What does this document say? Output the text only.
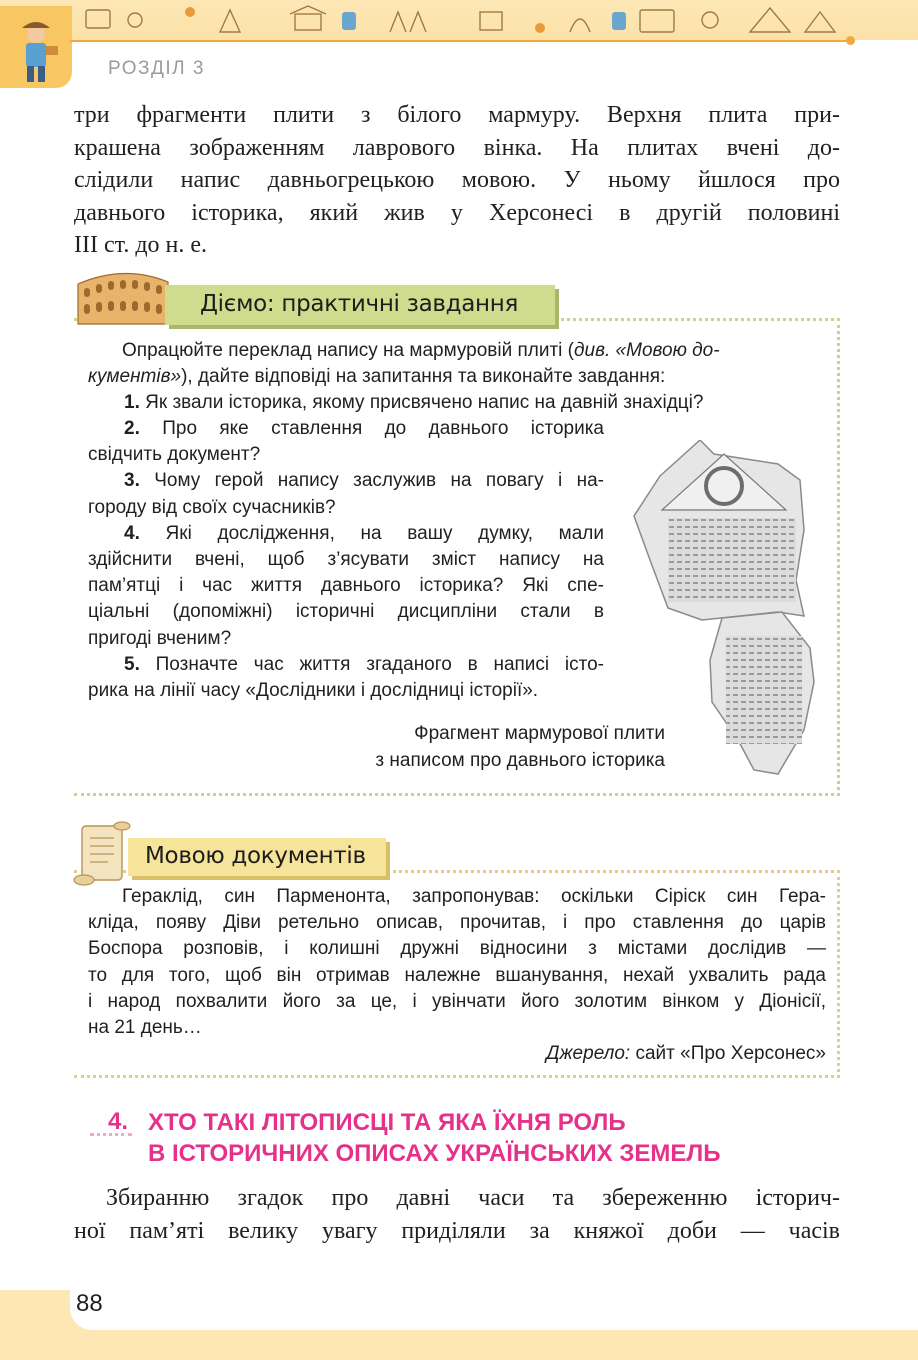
РОЗДІЛ 3
три фрагменти плити з білого мармуру. Верхня плита при-
крашена зображенням лаврового вінка. На плитах вчені до-
слідили напис давньогрецькою мовою. У ньому йшлося про
давнього історика, який жив у Херсонесі в другій половині
III ст. до н. е.
Діємо: практичні завдання
Опрацюйте переклад напису на мармуровій плиті (див. «Мовою до-
кументів»), дайте відповіді на запитання та виконайте завдання:
1. Як звали історика, якому присвячено напис на давній знахідці?
2. Про яке ставлення до давнього історика
свідчить документ?
3. Чому герой напису заслужив на повагу і на-
городу від своїх сучасників?
4. Які дослідження, на вашу думку, мали
здійснити вчені, щоб з’ясувати зміст напису на
пам’ятці і час життя давнього історика? Які спе-
ціальні (допоміжні) історичні дисципліни стали в
пригоді вченим?
5. Позначте час життя згаданого в написі істо-
рика на лінії часу «Дослідники і дослідниці історії».
Фрагмент мармурової плити
з написом про давнього історика
Мовою документів
Гераклід, син Парменонта, запропонував: оскільки Сіріск син Гера-
кліда, появу Діви ретельно описав, прочитав, і про ставлення до царів
Боспора розповів, і колишні дружні відносини з містами дослідив —
то для того, щоб він отримав належне вшанування, нехай ухвалить рада
і народ похвалити його за це, і увінчати його золотим вінком у Діонісії,
на 21 день…
Джерело: сайт «Про Херсонес»
4. ХТО ТАКІ ЛІТОПИСЦІ ТА ЯКА ЇХНЯ РОЛЬ
В ІСТОРИЧНИХ ОПИСАХ УКРАЇНСЬКИХ ЗЕМЕЛЬ
Збиранню згадок про давні часи та збереженню історич-
ної пам’яті велику увагу приділяли за княжої доби — часів
88
